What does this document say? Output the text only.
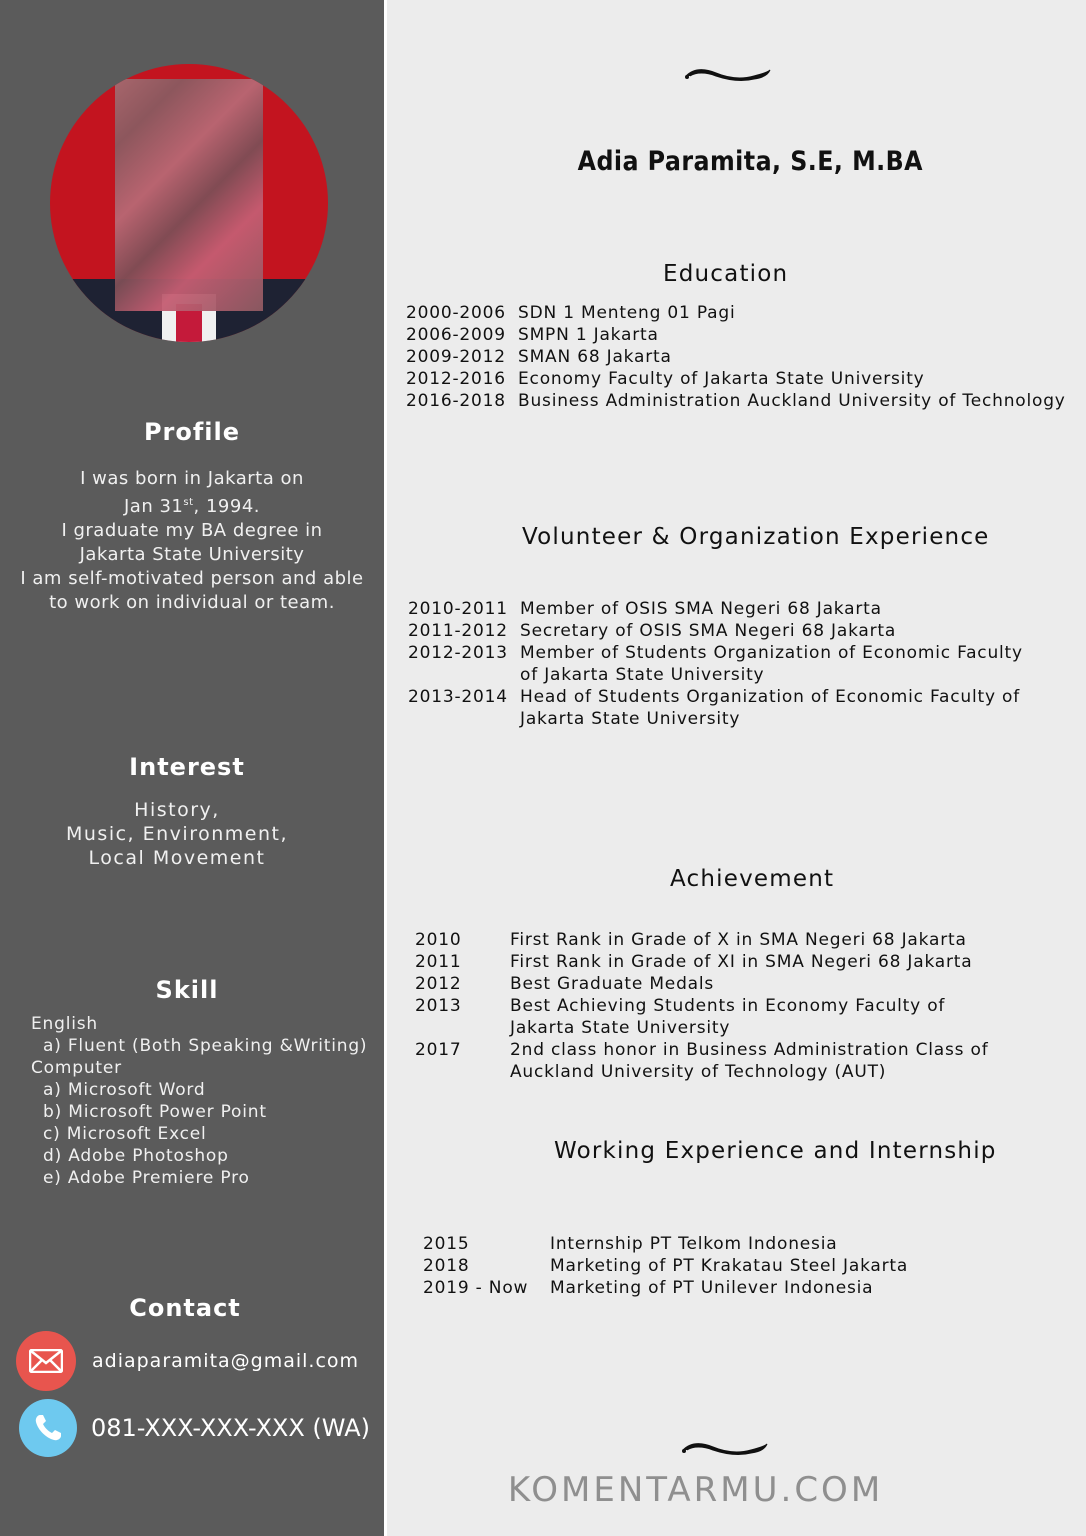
Profile

I was born in Jakarta on

Jan 31st, 1994.

I graduate my BA degree in

Jakarta State University

I am self-motivated person and able

to work on individual or team.

Interest

History,

Music, Environment,

Local Movement

Skill

English

a) Fluent (Both Speaking &Writing)

Computer

a) Microsoft Word

b) Microsoft Power Point

c) Microsoft Excel

d) Adobe Photoshop

e) Adobe Premiere Pro

Contact
adiaparamita@gmail.com
081-XXX-XXX-XXX (WA)
Adia Paramita, S.E, M.BA
Education
2000-2006 SDN 1 Menteng 01 Pagi
2006-2009 SMPN 1 Jakarta
2009-2012 SMAN 68 Jakarta
2012-2016 Economy Faculty of Jakarta State University
2016-2018 Business Administration Auckland University of Technology
Volunteer & Organization Experience
2010-2011 Member of OSIS SMA Negeri 68 Jakarta
2011-2012 Secretary of OSIS SMA Negeri 68 Jakarta
2012-2013 Member of Students Organization of Economic Faculty of Jakarta State University
2013-2014 Head of Students Organization of Economic Faculty of Jakarta State University
Achievement
2010	First Rank in Grade of X in SMA Negeri 68 Jakarta
2011	First Rank in Grade of XI in SMA Negeri 68 Jakarta
2012	Best Graduate Medals
2013	Best Achieving Students in Economy Faculty of Jakarta State University
2017	2nd class honor in Business Administration Class of Auckland University of Technology (AUT)
Working Experience and Internship
2015	Internship PT Telkom Indonesia
2018	Marketing of PT Krakatau Steel Jakarta
2019 - Now	Marketing of PT Unilever Indonesia
KOMENTARMU.COM
